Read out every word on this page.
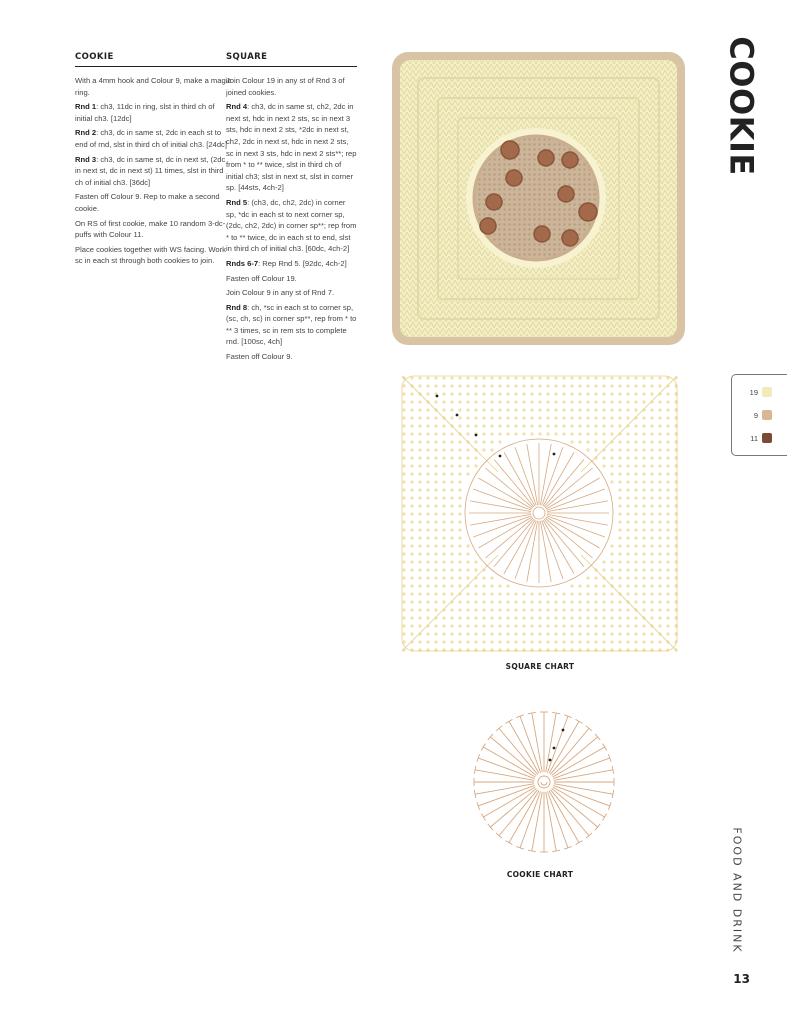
COOKIE

With a 4mm hook and Colour 9, make a magic ring.

Rnd 1: ch3, 11dc in ring, slst in third ch of initial ch3. [12dc]

Rnd 2: ch3, dc in same st, 2dc in each st to end of rnd, slst in third ch of initial ch3. [24dc]

Rnd 3: ch3, dc in same st, dc in next st, (2dc in next st, dc in next st) 11 times, slst in third ch of initial ch3. [36dc]

Fasten off Colour 9. Rep to make a second cookie.

On RS of first cookie, make 10 random 3-dc-puffs with Colour 11.

Place cookies together with WS facing. Work sc in each st through both cookies to join.

SQUARE

Join Colour 19 in any st of Rnd 3 of joined cookies.

Rnd 4: ch3, dc in same st, ch2, 2dc in next st, hdc in next 2 sts, sc in next 3 sts, hdc in next 2 sts, *2dc in next st, ch2, 2dc in next st, hdc in next 2 sts, sc in next 3 sts, hdc in next 2 sts**; rep from * to ** twice, slst in third ch of initial ch3; slst in next st, slst in corner sp. [44sts, 4ch-2]

Rnd 5: (ch3, dc, ch2, 2dc) in corner sp, *dc in each st to next corner sp, (2dc, ch2, 2dc) in corner sp**; rep from * to ** twice, dc in each st to end, slst in third ch of initial ch3. [60dc, 4ch-2]

Rnds 6-7: Rep Rnd 5. [92dc, 4ch-2]

Fasten off Colour 19.

Join Colour 9 in any st of Rnd 7.

Rnd 8: ch, *sc in each st to corner sp, (sc, ch, sc) in corner sp**, rep from * to ** 3 times, sc in rem sts to complete rnd. [100sc, 4ch]

Fasten off Colour 9.

SQUARE CHART
COOKIE CHART
COOKIE
19
9
11
FOOD AND DRINK
13
